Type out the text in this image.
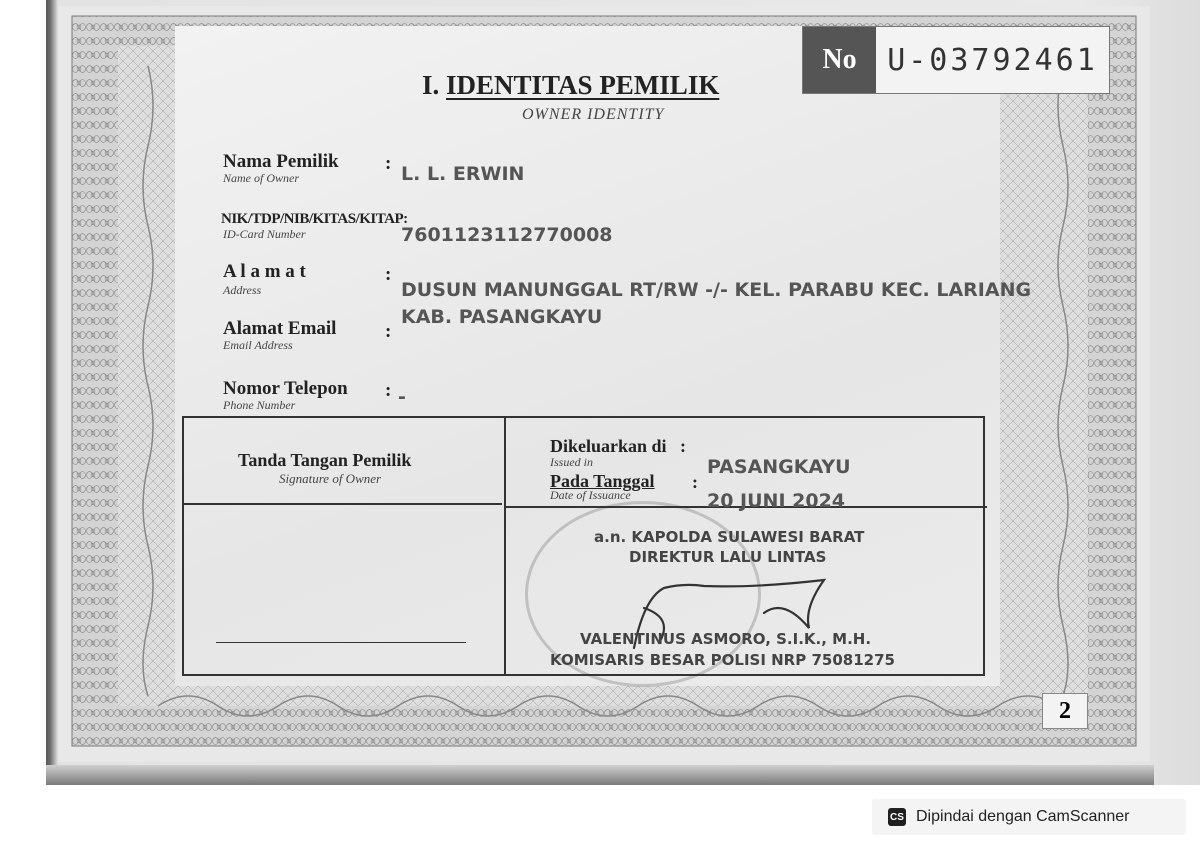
No	U-03792461
I. IDENTITAS PEMILIK
OWNER IDENTITY
Nama Pemilik
Name of Owner
: L. L. ERWIN
NIK/TDP/NIB/KITAS/KITAP:
ID-Card Number	7601123112770008
A l a m a t
Address
:
DUSUN MANUNGGAL RT/RW -/- KEL. PARABU KEC. LARIANG
KAB. PASANGKAYU
Alamat Email
Email Address
:
Nomor Telepon
Phone Number
: -
Tanda Tangan Pemilik
Signature of Owner
Dikeluarkan di :
Issued in	PASANGKAYU
Pada Tanggal :
Date of Issuance	20 JUNI 2024
a.n. KAPOLDA SULAWESI BARAT
DIREKTUR LALU LINTAS
VALENTINUS ASMORO, S.I.K., M.H.
KOMISARIS BESAR POLISI NRP 75081275
2
CS Dipindai dengan CamScanner
